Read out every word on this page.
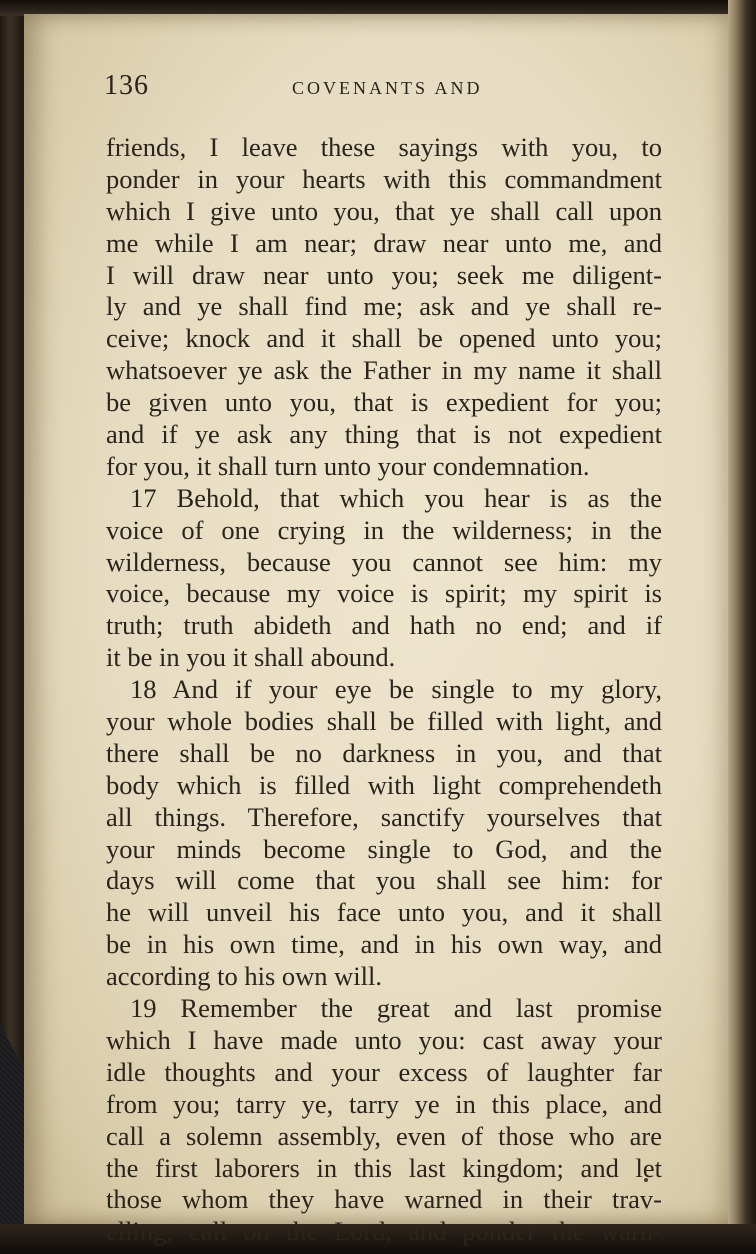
136	COVENANTS AND
friends, I leave these sayings with you, to
ponder in your hearts with this commandment
which I give unto you, that ye shall call upon
me while I am near; draw near unto me, and
I will draw near unto you; seek me diligent-
ly and ye shall find me; ask and ye shall re-
ceive; knock and it shall be opened unto you;
whatsoever ye ask the Father in my name it shall
be given unto you, that is expedient for you;
and if ye ask any thing that is not expedient
for you, it shall turn unto your condemnation.
17 Behold, that which you hear is as the
voice of one crying in the wilderness; in the
wilderness, because you cannot see him: my
voice, because my voice is spirit; my spirit is
truth; truth abideth and hath no end; and if
it be in you it shall abound.
18 And if your eye be single to my glory,
your whole bodies shall be filled with light, and
there shall be no darkness in you, and that
body which is filled with light comprehendeth
all things. Therefore, sanctify yourselves that
your minds become single to God, and the
days will come that you shall see him: for
he will unveil his face unto you, and it shall
be in his own time, and in his own way, and
according to his own will.
19 Remember the great and last promise
which I have made unto you: cast away your
idle thoughts and your excess of laughter far
from you; tarry ye, tarry ye in this place, and
call a solemn assembly, even of those who are
the first laborers in this last kingdom; and let
those whom they have warned in their trav-
elling, call on the Lord, and ponder the warn-
